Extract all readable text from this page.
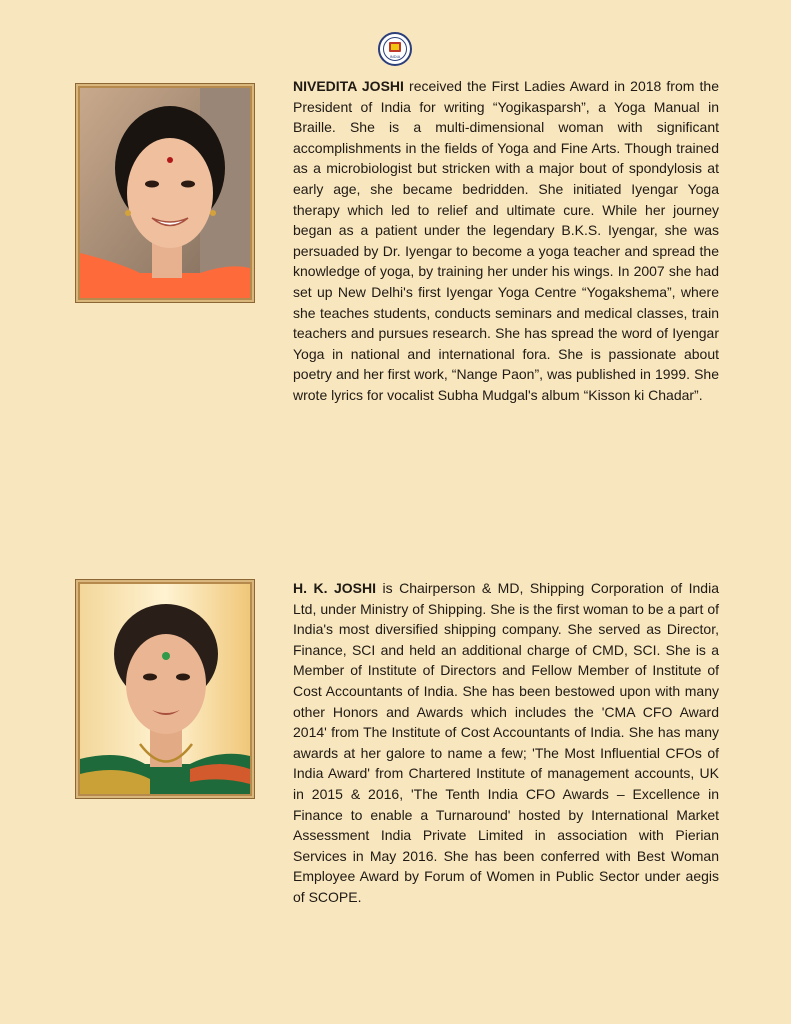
INDIA

NIVEDITA JOSHI received the First Ladies Award in 2018 from the President of India for writing “Yogikasparsh”, a Yoga Manual in Braille. She is a multi-dimensional woman with significant accomplishments in the fields of Yoga and Fine Arts. Though trained as a microbiologist but stricken with a major bout of spondylosis at early age, she became bedridden. She initiated Iyengar Yoga therapy which led to relief and ultimate cure. While her journey began as a patient under the legendary B.K.S. Iyengar, she was persuaded by Dr. Iyengar to become a yoga teacher and spread the knowledge of yoga, by training her under his wings. In 2007 she had set up New Delhi's first Iyengar Yoga Centre “Yogakshema”, where she teaches students, conducts seminars and medical classes, train teachers and pursues research. She has spread the word of Iyengar Yoga in national and international fora. She is passionate about poetry and her first work, “Nange Paon”, was published in 1999. She wrote lyrics for vocalist Subha Mudgal's album “Kisson ki Chadar”.

H. K. JOSHI is Chairperson & MD, Shipping Corporation of India Ltd, under Ministry of Shipping. She is the first woman to be a part of India's most diversified shipping company. She served as Director, Finance, SCI and held an additional charge of CMD, SCI. She is a Member of Institute of Directors and Fellow Member of Institute of Cost Accountants of India. She has been bestowed upon with many other Honors and Awards which includes the 'CMA CFO Award 2014' from The Institute of Cost Accountants of India. She has many awards at her galore to name a few; 'The Most Influential CFOs of India Award' from Chartered Institute of management accounts, UK in 2015 & 2016, 'The Tenth India CFO Awards – Excellence in Finance to enable a Turnaround' hosted by International Market Assessment India Private Limited in association with Pierian Services in May 2016. She has been conferred with Best Woman Employee Award by Forum of Women in Public Sector under aegis of SCOPE.
